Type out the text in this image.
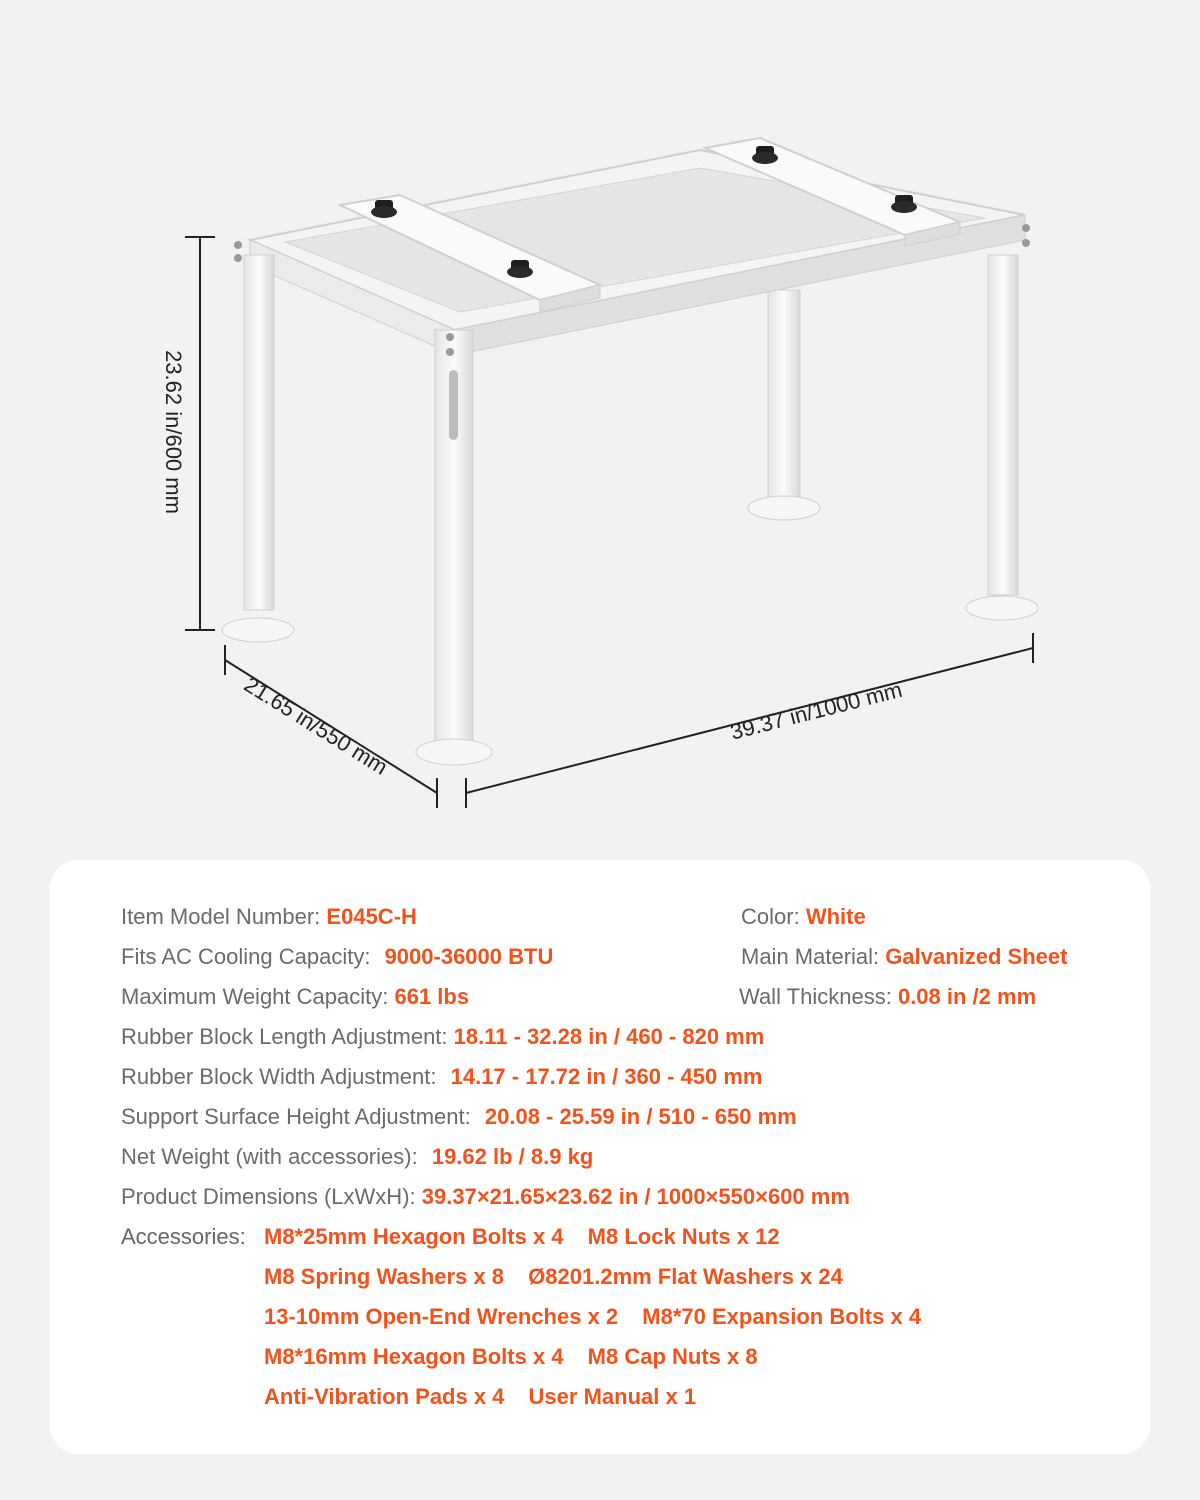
23.62 in/600 mm
21.65 in/550 mm	39.37 in/1000 mm
Item Model Number: E045C-H
Fits AC Cooling Capacity: 9000-36000 BTU
Maximum Weight Capacity: 661 lbs
Rubber Block Length Adjustment: 18.11 - 32.28 in / 460 - 820 mm
Rubber Block Width Adjustment: 14.17 - 17.72 in / 360 - 450 mm
Support Surface Height Adjustment: 20.08 - 25.59 in / 510 - 650 mm
Net Weight (with accessories): 19.62 lb / 8.9 kg
Product Dimensions (LxWxH): 39.37×21.65×23.62 in / 1000×550×600 mm
Color: White
Main Material: Galvanized Sheet
Wall Thickness: 0.08 in /2 mm
Accessories: M8*25mm Hexagon Bolts x 4 M8 Lock Nuts x 12
M8 Spring Washers x 8 Ø8201.2mm Flat Washers x 24
13-10mm Open-End Wrenches x 2 M8*70 Expansion Bolts x 4
M8*16mm Hexagon Bolts x 4 M8 Cap Nuts x 8
Anti-Vibration Pads x 4 User Manual x 1
